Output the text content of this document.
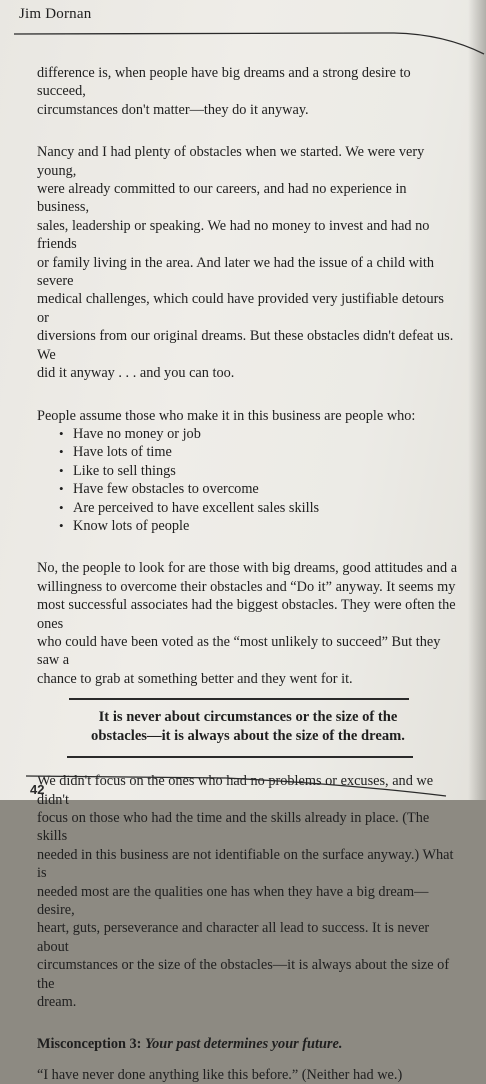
Jim Dornan

difference is, when people have big dreams and a strong desire to succeed,
circumstances don't matter—they do it anyway.

Nancy and I had plenty of obstacles when we started. We were very young,
were already committed to our careers, and had no experience in business,
sales, leadership or speaking. We had no money to invest and had no friends
or family living in the area. And later we had the issue of a child with severe
medical challenges, which could have provided very justifiable detours or
diversions from our original dreams. But these obstacles didn't defeat us. We
did it anyway . . . and you can too.

People assume those who make it in this business are people who:

• Have no money or job
• Have lots of time
• Like to sell things
• Have few obstacles to overcome
• Are perceived to have excellent sales skills
• Know lots of people

No, the people to look for are those with big dreams, good attitudes and a
willingness to overcome their obstacles and “Do it” anyway. It seems my
most successful associates had the biggest obstacles. They were often the ones
who could have been voted as the “most unlikely to succeed” But they saw a
chance to grab at something better and they went for it.

It is never about circumstances or the size of the
obstacles—it is always about the size of the dream.

We didn't focus on the ones who had no problems or excuses, and we didn't
focus on those who had the time and the skills already in place. (The skills
needed in this business are not identifiable on the surface anyway.) What is
needed most are the qualities one has when they have a big dream—desire,
heart, guts, perseverance and character all lead to success. It is never about
circumstances or the size of the obstacles—it is always about the size of the
dream.

Misconception 3: Your past determines your future.

“I have never done anything like this before.” (Neither had we.)

42
